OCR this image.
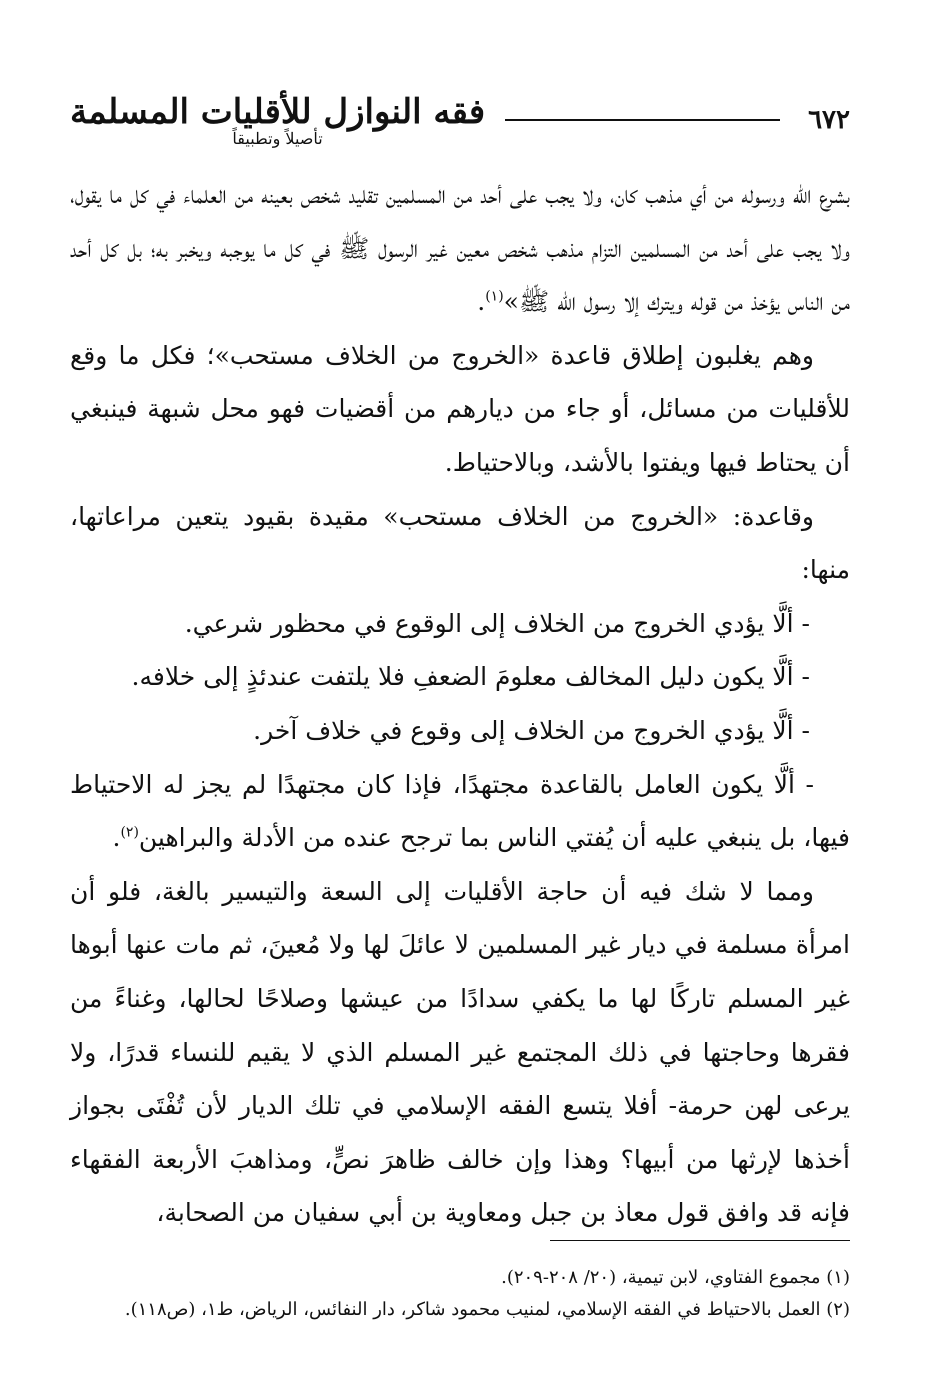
٦٧٢
فقه النوازل للأقليات المسلمة
تأصيلاً وتطبيقاً

بشرع الله ورسوله من أي مذهب كان، ولا يجب على أحد من المسلمين تقليد شخص بعينه من العلماء في كل ما يقول، ولا يجب على أحد من المسلمين التزام مذهب شخص معين غير الرسول ﷺ في كل ما يوجبه ويخبر به؛ بل كل أحد من الناس يؤخذ من قوله ويترك إلا رسول الله ﷺ»$^{(١)}$.

وهم يغلبون إطلاق قاعدة «الخروج من الخلاف مستحب»؛ فكل ما وقع للأقليات من مسائل، أو جاء من ديارهم من أقضيات فهو محل شبهة فينبغي أن يحتاط فيها ويفتوا بالأشد، وبالاحتياط.

وقاعدة: «الخروج من الخلاف مستحب» مقيدة بقيود يتعين مراعاتها، منها:

- ألَّا يؤدي الخروج من الخلاف إلى الوقوع في محظور شرعي.

- ألَّا يكون دليل المخالف معلومَ الضعفِ فلا يلتفت عندئذٍ إلى خلافه.

- ألَّا يؤدي الخروج من الخلاف إلى وقوع في خلاف آخر.

- ألَّا يكون العامل بالقاعدة مجتهدًا، فإذا كان مجتهدًا لم يجز له الاحتياط فيها، بل ينبغي عليه أن يُفتي الناس بما ترجح عنده من الأدلة والبراهين$^{(٢)}$.

ومما لا شك فيه أن حاجة الأقليات إلى السعة والتيسير بالغة، فلو أن امرأة مسلمة في ديار غير المسلمين لا عائلَ لها ولا مُعينَ، ثم مات عنها أبوها غير المسلم تاركًا لها ما يكفي سدادًا من عيشها وصلاحًا لحالها، وغناءً من فقرها وحاجتها في ذلك المجتمع غير المسلم الذي لا يقيم للنساء قدرًا، ولا يرعى لهن حرمة- أفلا يتسع الفقه الإسلامي في تلك الديار لأن تُفْتَى بجواز أخذها لإرثها من أبيها؟ وهذا وإن خالف ظاهرَ نصٍّ، ومذاهبَ الأربعة الفقهاء فإنه قد وافق قول معاذ بن جبل ومعاوية بن أبي سفيان من الصحابة،

(١) مجموع الفتاوي، لابن تيمية، (٢٠/ ٢٠٨-٢٠٩).

(٢) العمل بالاحتياط في الفقه الإسلامي، لمنيب محمود شاكر، دار النفائس، الرياض، ط١، (ص١١٨).
